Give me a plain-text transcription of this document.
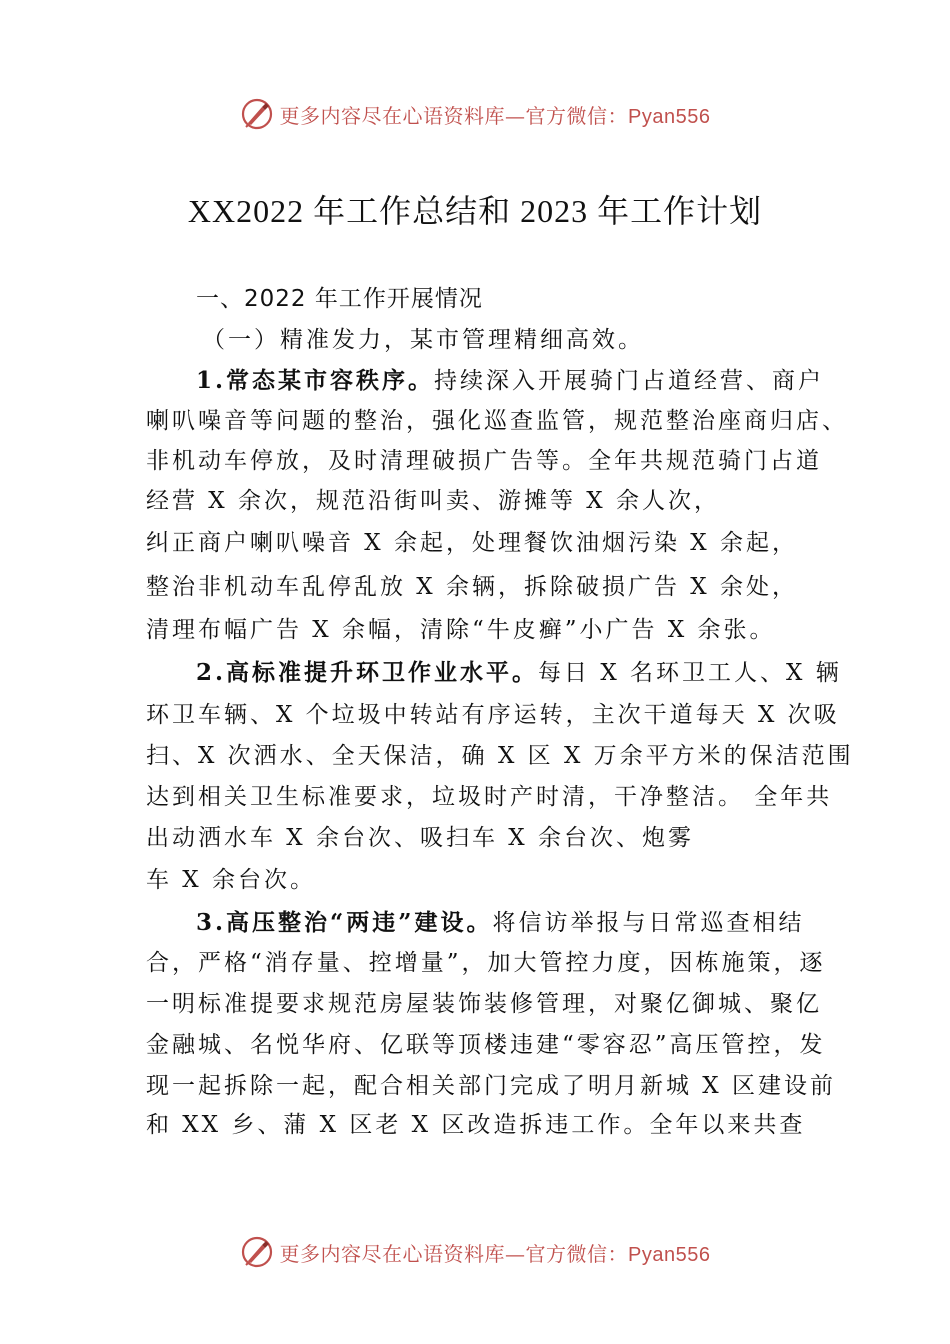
更多内容尽在心语资料库—官方微信：Pyan556
XX2022 年工作总结和 2023 年工作计划
一、2022 年工作开展情况
（一）精准发力，某市管理精细高效。
1.常态某市容秩序。持续深入开展骑门占道经营、商户
喇叭噪音等问题的整治，强化巡查监管，规范整治座商归店、
非机动车停放，及时清理破损广告等。全年共规范骑门占道
经营 X 余次，规范沿街叫卖、游摊等 X 余人次，
纠正商户喇叭噪音 X 余起，处理餐饮油烟污染 X 余起，
整治非机动车乱停乱放 X 余辆，拆除破损广告 X 余处，
清理布幅广告 X 余幅，清除“牛皮癣”小广告 X 余张。
2.高标准提升环卫作业水平。每日 X 名环卫工人、X 辆
环卫车辆、X 个垃圾中转站有序运转，主次干道每天 X 次吸
扫、X 次洒水、全天保洁，确 X 区 X 万余平方米的保洁范围
达到相关卫生标准要求，垃圾时产时清，干净整洁。 全年共
出动洒水车 X 余台次、吸扫车 X 余台次、炮雾
车 X 余台次。
3.高压整治“两违”建设。将信访举报与日常巡查相结
合，严格“消存量、控增量”，加大管控力度，因栋施策，逐
一明标准提要求规范房屋装饰装修管理，对聚亿御城、聚亿
金融城、名悦华府、亿联等顶楼违建“零容忍”高压管控，发
现一起拆除一起，配合相关部门完成了明月新城 X 区建设前
和 XX 乡、蒲 X 区老 X 区改造拆违工作。全年以来共查
更多内容尽在心语资料库—官方微信：Pyan556
